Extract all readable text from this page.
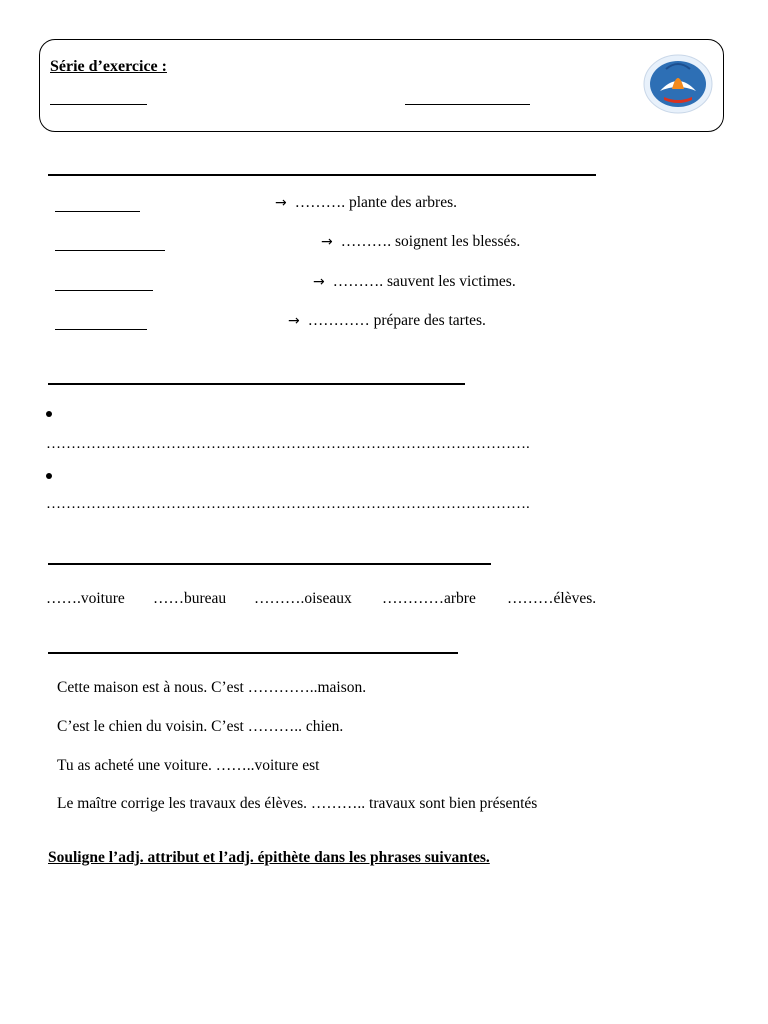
Série d’exercice :
→ ………. plante des arbres.
→ ………. soignent les blessés.
→ ………. sauvent les victimes.
→ ………… prépare des tartes.
…………………………………………………………………………………….
…………………………………………………………………………………….
…….voiture ……bureau ……….oiseaux …………arbre ………élèves.
Cette maison est à nous. C’est …………..maison.
C’est le chien du voisin. C’est ……….. chien.
Tu as acheté une voiture. ……..voiture est
Le maître corrige les travaux des élèves. ……….. travaux sont bien présentés
Souligne l’adj. attribut et l’adj. épithète dans les phrases suivantes.
